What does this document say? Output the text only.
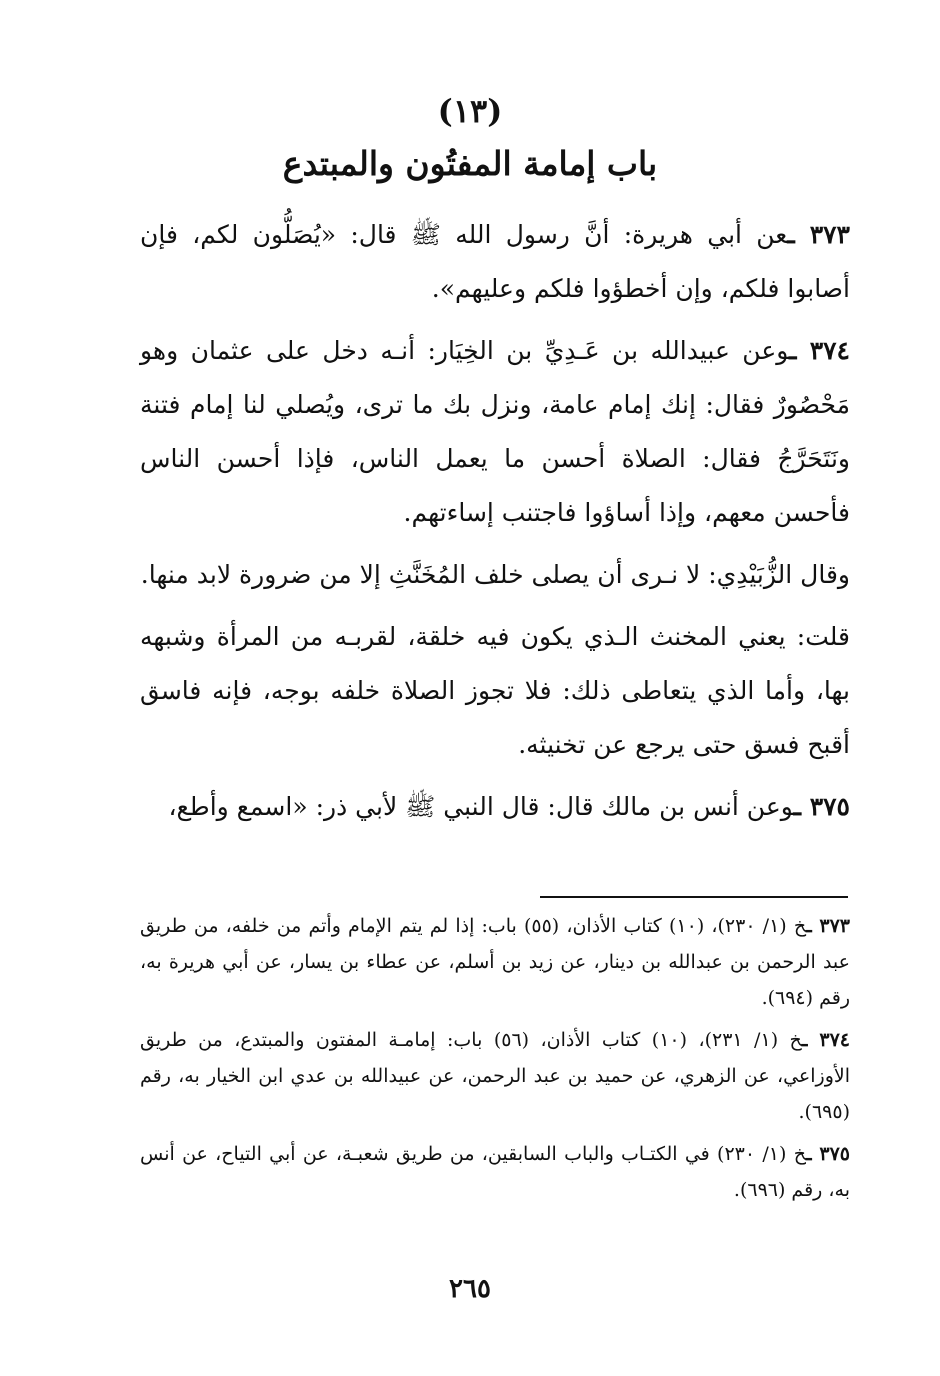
(١٣)
باب إمامة المفتُون والمبتدع

٣٧٣ ـعن أبي هريرة: أنَّ رسول الله ﷺ قال: «يُصَلُّون لكم، فإن أصابوا فلكم، وإن أخطؤوا فلكم وعليهم».

٣٧٤ ـوعن عبيدالله بن عَـدِيِّ بن الخِيَار: أنـه دخل على عثمان وهو مَحْصُورٌ فقال: إنك إمام عامة، ونزل بك ما ترى، ويُصلي لنا إمام فتنة ونَتَحَرَّجُ فقال: الصلاة أحسن ما يعمل الناس، فإذا أحسن الناس فأحسن معهم، وإذا أساؤوا فاجتنب إساءتهم.

وقال الزُّبَيْدِي: لا نـرى أن يصلى خلف المُخَنَّثِ إلا من ضرورة لابد منها.

قلت: يعني المخنث الـذي يكون فيه خلقة، لقربـه من المرأة وشبهه بها، وأما الذي يتعاطى ذلك: فلا تجوز الصلاة خلفه بوجه، فإنه فاسق أقبح فسق حتى يرجع عن تخنيثه.

٣٧٥ ـوعن أنس بن مالك قال: قال النبي ﷺ لأبي ذر: «اسمع وأطع،

٣٧٣ ـخ (١/ ٢٣٠)، (١٠) كتاب الأذان، (٥٥) باب: إذا لم يتم الإمام وأتم من خلفه، من طريق عبد الرحمن بن عبدالله بن دينار، عن زيد بن أسلم، عن عطاء بن يسار، عن أبي هريرة به، رقم (٦٩٤).

٣٧٤ ـخ (١/ ٢٣١)، (١٠) كتاب الأذان، (٥٦) باب: إمامـة المفتون والمبتدع، من طريق الأوزاعي، عن الزهري، عن حميد بن عبد الرحمن، عن عبيدالله بن عدي ابن الخيار به، رقم (٦٩٥).

٣٧٥ ـخ (١/ ٢٣٠) في الكتـاب والباب السابقين، من طريق شعبـة، عن أبي التياح، عن أنس به، رقم (٦٩٦).

٢٦٥
